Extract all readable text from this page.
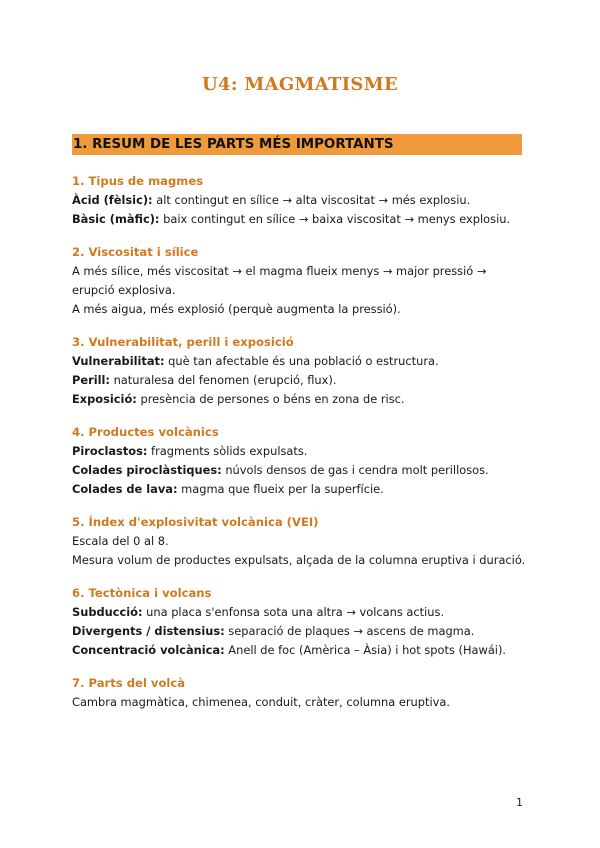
U4: MAGMATISME
1. RESUM DE LES PARTS MÉS IMPORTANTS
1. Tipus de magmes

Àcid (fèlsic): alt contingut en sílice → alta viscositat → més explosiu.

Bàsic (màfic): baix contingut en sílice → baixa viscositat → menys explosiu.

2. Viscositat i sílice

A més sílice, més viscositat → el magma flueix menys → major pressió → erupció explosiva.

A més aigua, més explosió (perquè augmenta la pressió).

3. Vulnerabilitat, perill i exposició

Vulnerabilitat: què tan afectable és una població o estructura.

Perill: naturalesa del fenomen (erupció, flux).

Exposició: presència de persones o béns en zona de risc.

4. Productes volcànics

Piroclastos: fragments sòlids expulsats.

Colades piroclàstiques: núvols densos de gas i cendra molt perillosos.

Colades de lava: magma que flueix per la superfície.

5. Índex d'explosivitat volcànica (VEI)

Escala del 0 al 8.

Mesura volum de productes expulsats, alçada de la columna eruptiva i duració.

6. Tectònica i volcans

Subducció: una placa s'enfonsa sota una altra → volcans actius.

Divergents / distensius: separació de plaques → ascens de magma.

Concentració volcànica: Anell de foc (Amèrica – Àsia) i hot spots (Hawái).

7. Parts del volcà

Cambra magmàtica, chimenea, conduit, cràter, columna eruptiva.

1
